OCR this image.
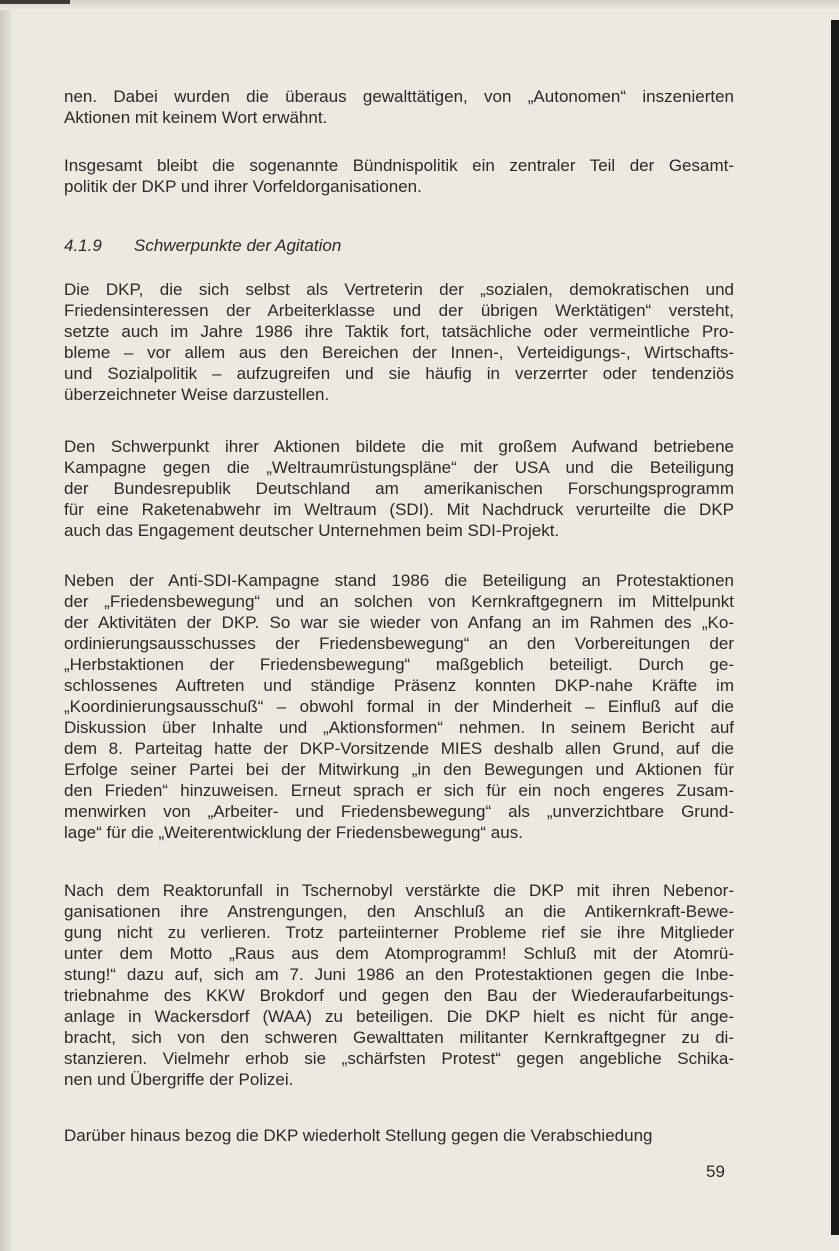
nen. Dabei wurden die überaus gewalttätigen, von „Autonomen“ inszenierten
Aktionen mit keinem Wort erwähnt.

Insgesamt bleibt die sogenannte Bündnispolitik ein zentraler Teil der Gesamt-
politik der DKP und ihrer Vorfeldorganisationen.

4.1.9 Schwerpunkte der Agitation

Die DKP, die sich selbst als Vertreterin der „sozialen, demokratischen und
Friedensinteressen der Arbeiterklasse und der übrigen Werktätigen“ versteht,
setzte auch im Jahre 1986 ihre Taktik fort, tatsächliche oder vermeintliche Pro-
bleme – vor allem aus den Bereichen der Innen-, Verteidigungs-, Wirtschafts-
und Sozialpolitik – aufzugreifen und sie häufig in verzerrter oder tendenziös
überzeichneter Weise darzustellen.

Den Schwerpunkt ihrer Aktionen bildete die mit großem Aufwand betriebene
Kampagne gegen die „Weltraumrüstungspläne“ der USA und die Beteiligung
der Bundesrepublik Deutschland am amerikanischen Forschungsprogramm
für eine Raketenabwehr im Weltraum (SDI). Mit Nachdruck verurteilte die DKP
auch das Engagement deutscher Unternehmen beim SDI-Projekt.

Neben der Anti-SDI-Kampagne stand 1986 die Beteiligung an Protestaktionen
der „Friedensbewegung“ und an solchen von Kernkraftgegnern im Mittelpunkt
der Aktivitäten der DKP. So war sie wieder von Anfang an im Rahmen des „Ko-
ordinierungsausschusses der Friedensbewegung“ an den Vorbereitungen der
„Herbstaktionen der Friedensbewegung“ maßgeblich beteiligt. Durch ge-
schlossenes Auftreten und ständige Präsenz konnten DKP-nahe Kräfte im
„Koordinierungsausschuß“ – obwohl formal in der Minderheit – Einfluß auf die
Diskussion über Inhalte und „Aktionsformen“ nehmen. In seinem Bericht auf
dem 8. Parteitag hatte der DKP-Vorsitzende MIES deshalb allen Grund, auf die
Erfolge seiner Partei bei der Mitwirkung „in den Bewegungen und Aktionen für
den Frieden“ hinzuweisen. Erneut sprach er sich für ein noch engeres Zusam-
menwirken von „Arbeiter- und Friedensbewegung“ als „unverzichtbare Grund-
lage“ für die „Weiterentwicklung der Friedensbewegung“ aus.

Nach dem Reaktorunfall in Tschernobyl verstärkte die DKP mit ihren Nebenor-
ganisationen ihre Anstrengungen, den Anschluß an die Antikernkraft-Bewe-
gung nicht zu verlieren. Trotz parteiinterner Probleme rief sie ihre Mitglieder
unter dem Motto „Raus aus dem Atomprogramm! Schluß mit der Atomrü-
stung!“ dazu auf, sich am 7. Juni 1986 an den Protestaktionen gegen die Inbe-
triebnahme des KKW Brokdorf und gegen den Bau der Wiederaufarbeitungs-
anlage in Wackersdorf (WAA) zu beteiligen. Die DKP hielt es nicht für ange-
bracht, sich von den schweren Gewalttaten militanter Kernkraftgegner zu di-
stanzieren. Vielmehr erhob sie „schärfsten Protest“ gegen angebliche Schika-
nen und Übergriffe der Polizei.

Darüber hinaus bezog die DKP wiederholt Stellung gegen die Verabschiedung

59
